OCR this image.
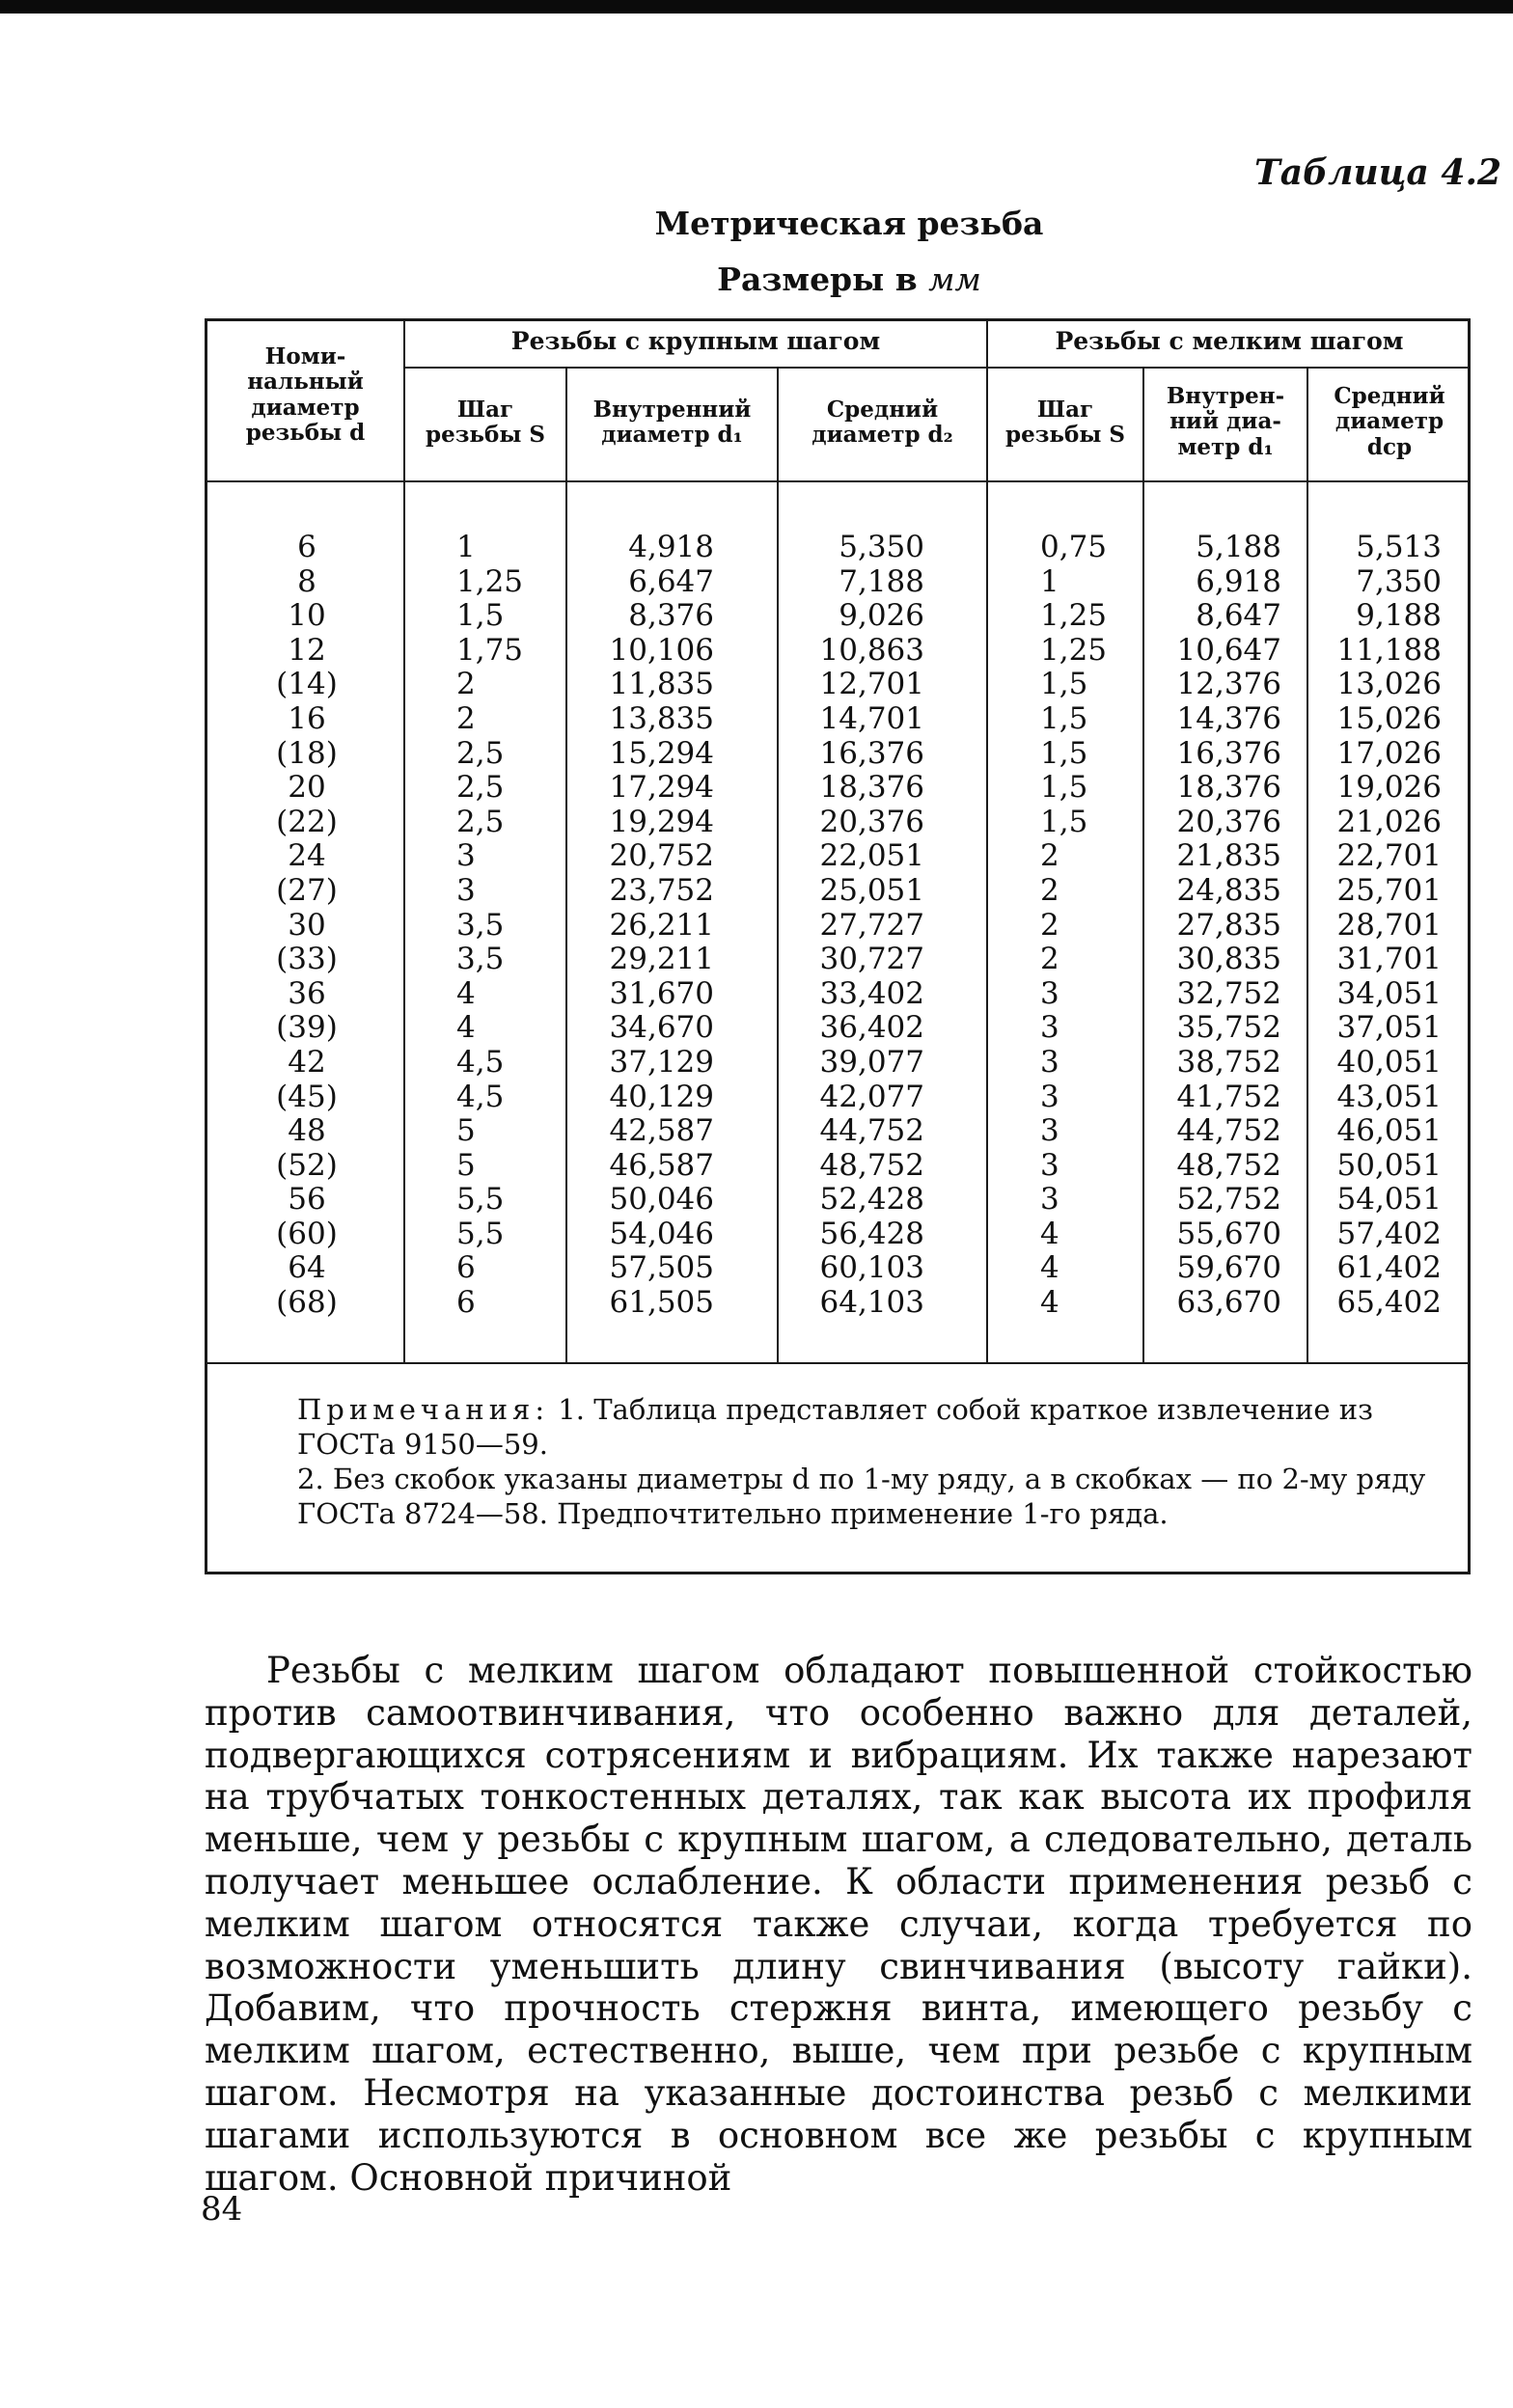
Таблица 4.2
Метрическая резьба
Размеры в мм
Номи-
нальный
диаметр
резьбы d
Резьбы с крупным шагом	Резьбы с мелким шагом
Шаг
резьбы S
Внутренний
диаметр d₁
Средний
диаметр d₂
Шаг
резьбы S
Внутрен-
ний диа-
метр d₁
Средний
диаметр
dср
6
8
10
12
(14)
16
(18)
20
(22)
24
(27)
30
(33)
36
(39)
42
(45)
48
(52)
56
(60)
64
(68)
1
1,25
1,5
1,75
2
2
2,5
2,5
2,5
3
3
3,5
3,5
4
4
4,5
4,5
5
5
5,5
5,5
6
6
4,918
6,647
8,376
10,106
11,835
13,835
15,294
17,294
19,294
20,752
23,752
26,211
29,211
31,670
34,670
37,129
40,129
42,587
46,587
50,046
54,046
57,505
61,505
5,350
7,188
9,026
10,863
12,701
14,701
16,376
18,376
20,376
22,051
25,051
27,727
30,727
33,402
36,402
39,077
42,077
44,752
48,752
52,428
56,428
60,103
64,103
0,75
1
1,25
1,25
1,5
1,5
1,5
1,5
1,5
2
2
2
2
3
3
3
3
3
3
3
4
4
4
5,188
6,918
8,647
10,647
12,376
14,376
16,376
18,376
20,376
21,835
24,835
27,835
30,835
32,752
35,752
38,752
41,752
44,752
48,752
52,752
55,670
59,670
63,670
5,513
7,350
9,188
11,188
13,026
15,026
17,026
19,026
21,026
22,701
25,701
28,701
31,701
34,051
37,051
40,051
43,051
46,051
50,051
54,051
57,402
61,402
65,402

Примечания: 1. Таблица представляет собой краткое извлечение из ГОСТа 9150—59.

2. Без скобок указаны диаметры d по 1-му ряду, а в скобках — по 2-му ряду ГОСТа 8724—58. Предпочтительно применение 1-го ряда.

Резьбы с мелким шагом обладают повышенной стойкостью против самоотвинчивания, что особенно важно для деталей, подвергающихся сотрясениям и вибрациям. Их также нарезают на трубчатых тонкостенных деталях, так как высота их профиля меньше, чем у резьбы с крупным шагом, а следовательно, деталь получает меньшее ослабление. К области применения резьб с мелким шагом относятся также случаи, когда требуется по возможности уменьшить длину свинчивания (высоту гайки). Добавим, что прочность стержня винта, имеющего резьбу с мелким шагом, естественно, выше, чем при резьбе с крупным шагом. Несмотря на указанные достоинства резьб с мелкими шагами используются в основном все же резьбы с крупным шагом. Основной причиной

84
